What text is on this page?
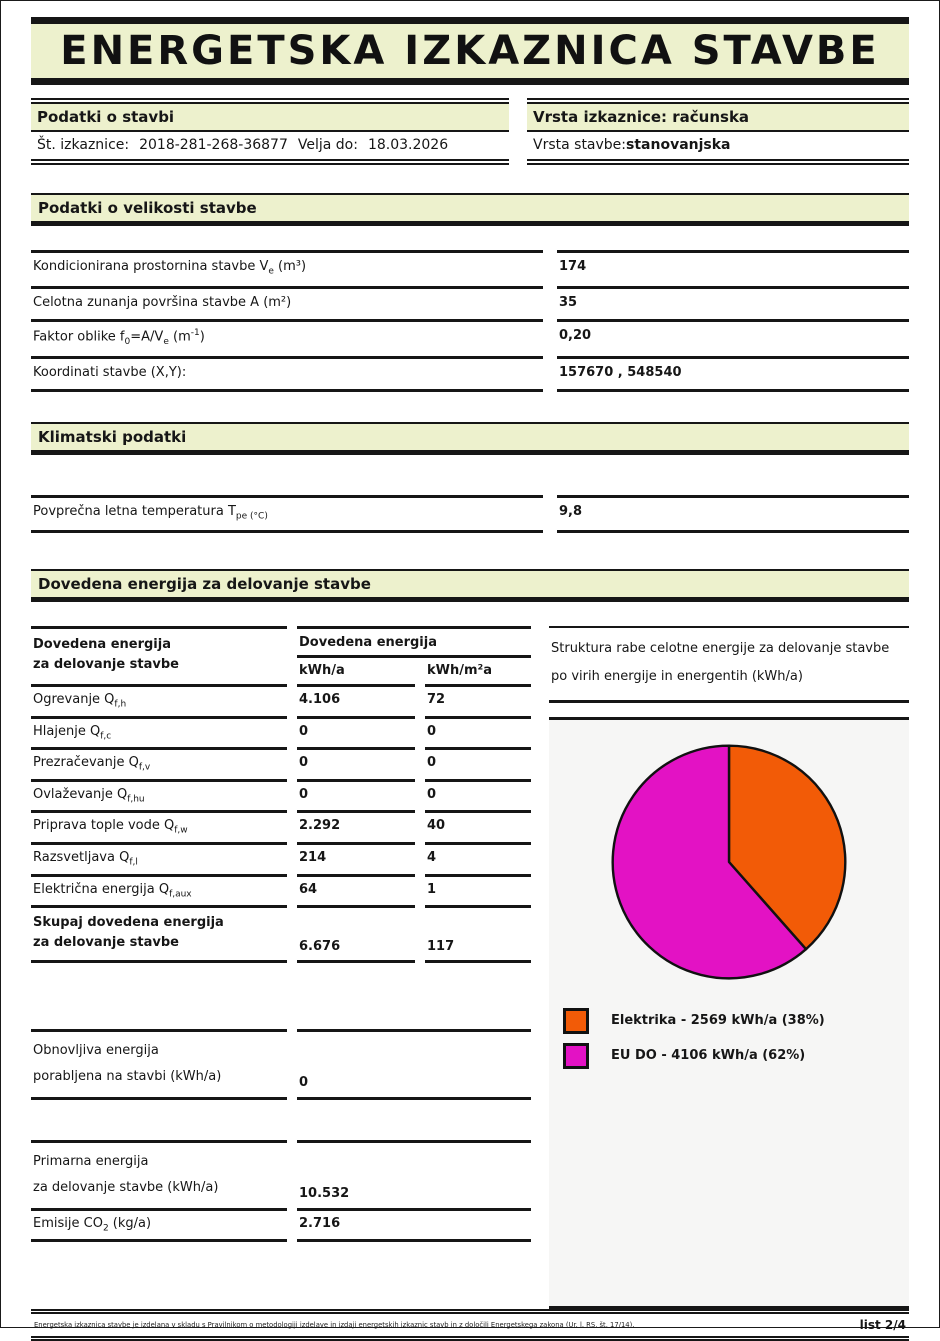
ENERGETSKA IZKAZNICA STAVBE
Podatki o stavbi
Št. izkaznice: 2018-281-268-36877 Velja do: 18.03.2026
Vrsta izkaznice: računska
Vrsta stavbe: stanovanjska
Podatki o velikosti stavbe
Kondicionirana prostornina stavbe $V_e$ (m³)	174
Celotna zunanja površina stavbe A (m²)	35
Faktor oblike $f_0=A/V_e$ $(m^{-1})$	0,20
Koordinati stavbe (X,Y):	157670 , 548540
Klimatski podatki
Povprečna letna temperatura $T_{pe (^\circ C)}$	9,8
Dovedena energija za delovanje stavbe
Dovedena energija
za delovanje stavbe
Dovedena energija
kWh/a	kWh/m²a
Ogrevanje $Q_{f,h}$	4.106	72
Hlajenje $Q_{f,c}$	0	0
Prezračevanje $Q_{f,v}$	0	0
Ovlaževanje $Q_{f,hu}$	0	0
Priprava tople vode $Q_{f,w}$	2.292	40
Razsvetljava $Q_{f,l}$	214	4
Električna energija $Q_{f,aux}$	64	1
Skupaj dovedena energija
za delovanje stavbe	6.676	117
Obnovljiva energija
porabljena na stavbi (kWh/a)	0
Primarna energija
za delovanje stavbe (kWh/a)	10.532
Emisije $CO_2$ (kg/a)	2.716
Struktura rabe celotne energije za delovanje stavbe po virih energije in energentih (kWh/a)
Elektrika - 2569 kWh/a (38%)
EU DO - 4106 kWh/a (62%)
Energetska izkaznica stavbe je izdelana v skladu s Pravilnikom o metodologiji izdelave in izdaji energetskih izkaznic stavb in z določili Energetskega zakona (Ur. l. RS, št. 17/14).	list 2/4
